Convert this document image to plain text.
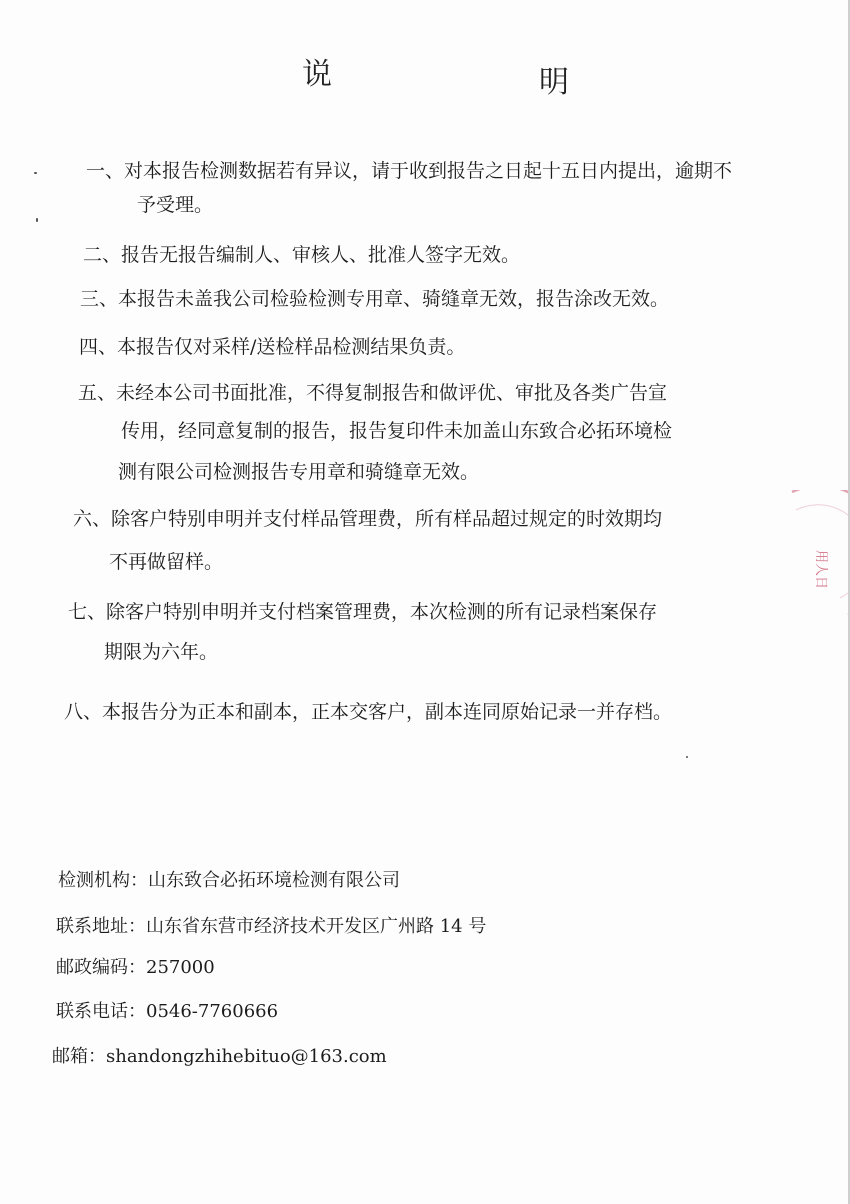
说	明
一、对本报告检测数据若有异议，请于收到报告之日起十五日内提出，逾期不
予受理。
二、报告无报告编制人、审核人、批准人签字无效。
三、本报告未盖我公司检验检测专用章、骑缝章无效，报告涂改无效。
四、本报告仅对采样/送检样品检测结果负责。
五、未经本公司书面批准，不得复制报告和做评优、审批及各类广告宣
传用，经同意复制的报告，报告复印件未加盖山东致合必拓环境检
测有限公司检测报告专用章和骑缝章无效。
六、除客户特别申明并支付样品管理费，所有样品超过规定的时效期均
不再做留样。
七、除客户特别申明并支付档案管理费，本次检测的所有记录档案保存
期限为六年。
八、本报告分为正本和副本，正本交客户，副本连同原始记录一并存档。
检测机构：山东致合必拓环境检测有限公司
联系地址：山东省东营市经济技术开发区广州路 14 号
邮政编码：257000
联系电话：0546-7760666
邮箱：shandongzhihebituo@163.com
用人日
